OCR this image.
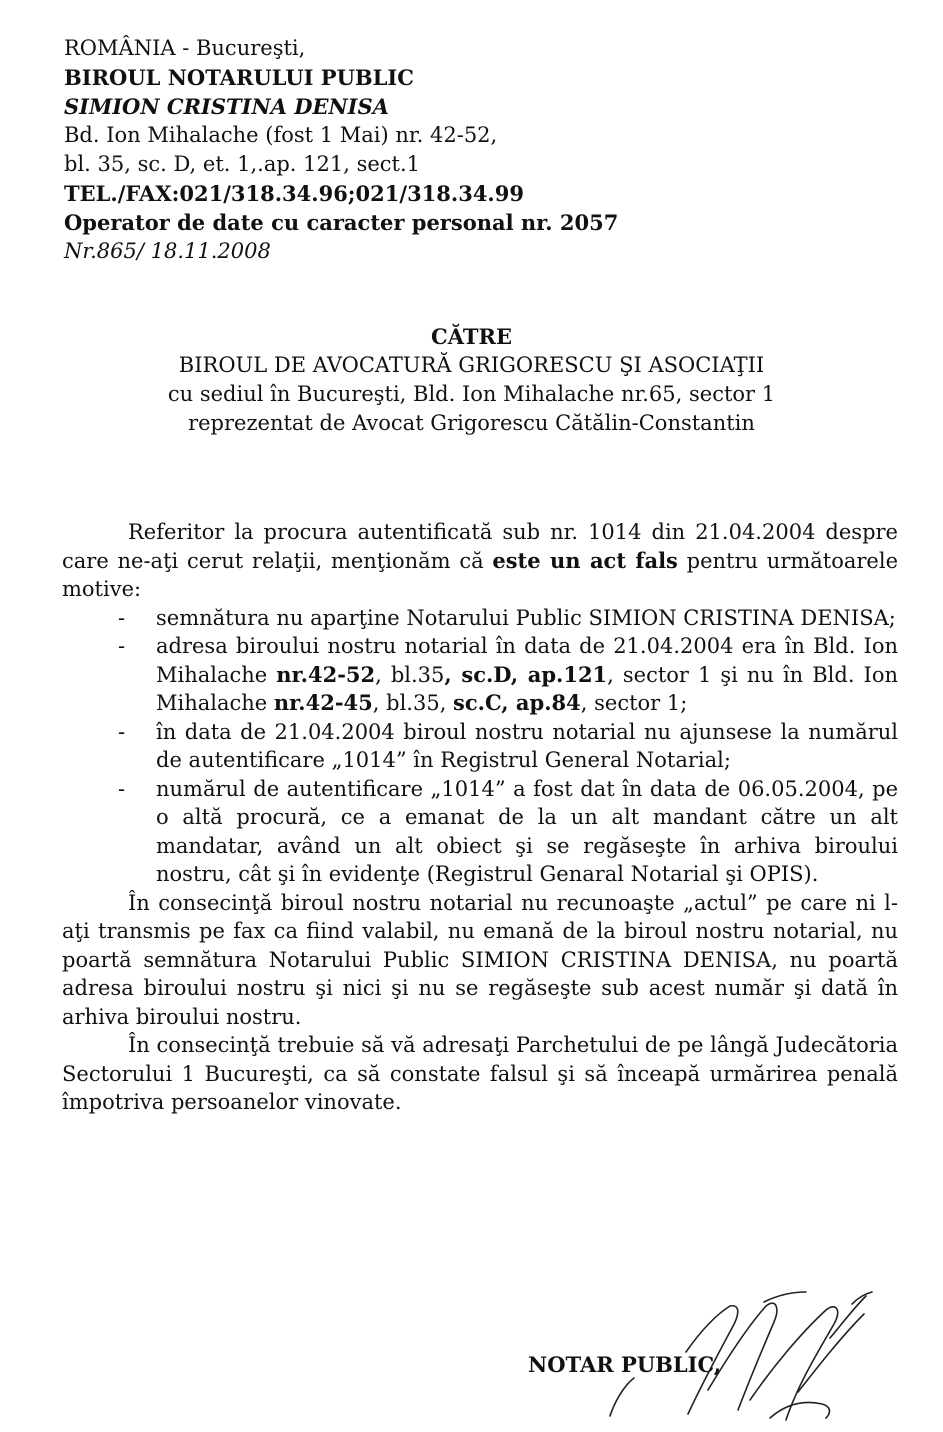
ROMÂNIA - Bucureşti,
BIROUL NOTARULUI PUBLIC
SIMION CRISTINA DENISA
Bd. Ion Mihalache (fost 1 Mai) nr. 42-52,
bl. 35, sc. D, et. 1,.ap. 121, sect.1
TEL./FAX:021/318.34.96;021/318.34.99
Operator de date cu caracter personal nr. 2057
Nr.865/ 18.11.2008
CĂTRE
BIROUL DE AVOCATURĂ GRIGORESCU ŞI ASOCIAŢII
cu sediul în Bucureşti, Bld. Ion Mihalache nr.65, sector 1
reprezentat de Avocat Grigorescu Cătălin-Constantin

Referitor la procura autentificată sub nr. 1014 din 21.04.2004 despre care ne-aţi cerut relaţii, menţionăm că este un act fals pentru următoarele motive:

- semnătura nu aparţine Notarului Public SIMION CRISTINA DENISA;
- adresa biroului nostru notarial în data de 21.04.2004 era în Bld. Ion Mihalache nr.42-52, bl.35, sc.D, ap.121, sector 1 şi nu în Bld. Ion Mihalache nr.42-45, bl.35, sc.C, ap.84, sector 1;
- în data de 21.04.2004 biroul nostru notarial nu ajunsese la numărul de autentificare „1014” în Registrul General Notarial;
- numărul de autentificare „1014” a fost dat în data de 06.05.2004, pe o altă procură, ce a emanat de la un alt mandant către un alt mandatar, având un alt obiect şi se regăseşte în arhiva biroului nostru, cât şi în evidenţe (Registrul Genaral Notarial şi OPIS).

În consecinţă biroul nostru notarial nu recunoaşte „actul” pe care ni l-aţi transmis pe fax ca fiind valabil, nu emană de la biroul nostru notarial, nu poartă semnătura Notarului Public SIMION CRISTINA DENISA, nu poartă adresa biroului nostru şi nici şi nu se regăseşte sub acest număr şi dată în arhiva biroului nostru.

În consecinţă trebuie să vă adresaţi Parchetului de pe lângă Judecătoria Sectorului 1 Bucureşti, ca să constate falsul şi să înceapă urmărirea penală împotriva persoanelor vinovate.

NOTAR PUBLIC,
